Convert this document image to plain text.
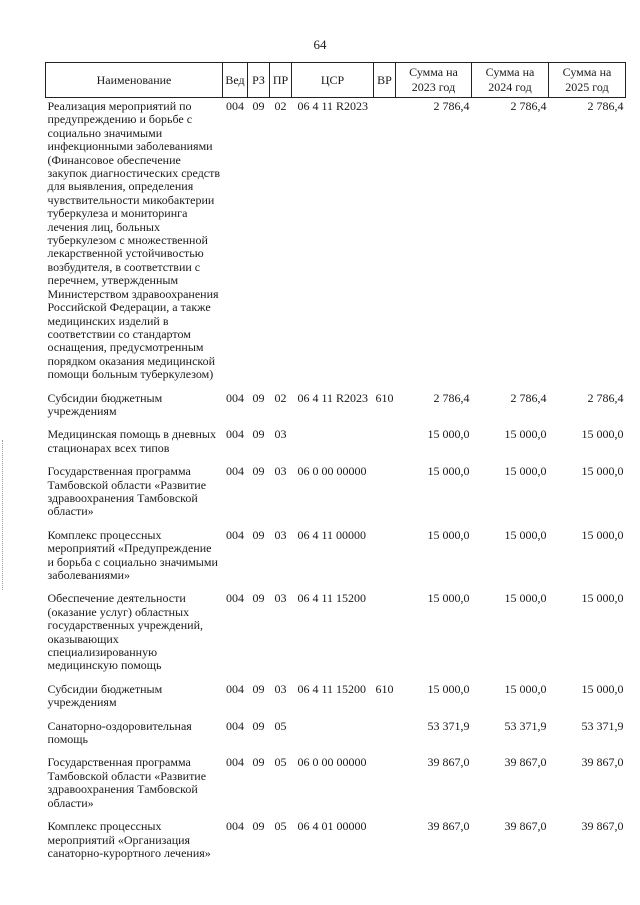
64
Наименование	Вед	РЗ	ПР	ЦСР	ВР	Сумма на 2023 год	Сумма на 2024 год	Сумма на 2025 год
Реализация мероприятий по предупреждению и борьбе с социально значимыми инфекционными заболеваниями (Финансовое обеспечение закупок диагностических средств для выявления, определения чувствительности микобактерии туберкулеза и мониторинга лечения лиц, больных туберкулезом с множественной лекарственной устойчивостью возбудителя, в соответствии с перечнем, утвержденным Министерством здравоохранения Российской Федерации, а также медицинских изделий в соответствии со стандартом оснащения, предусмотренным порядком оказания медицинской помощи больным туберкулезом)	004	09	02	06 4 11 R2023		2 786,4	2 786,4	2 786,4
Субсидии бюджетным учреждениям	004	09	02	06 4 11 R2023	610	2 786,4	2 786,4	2 786,4
Медицинская помощь в дневных стационарах всех типов	004	09	03			15 000,0	15 000,0	15 000,0
Государственная программа Тамбовской области «Развитие здравоохранения Тамбовской области»	004	09	03	06 0 00 00000		15 000,0	15 000,0	15 000,0
Комплекс процессных мероприятий «Предупреждение и борьба с социально значимыми заболеваниями»	004	09	03	06 4 11 00000		15 000,0	15 000,0	15 000,0
Обеспечение деятельности (оказание услуг) областных государственных учреждений, оказывающих специализированную медицинскую помощь	004	09	03	06 4 11 15200		15 000,0	15 000,0	15 000,0
Субсидии бюджетным учреждениям	004	09	03	06 4 11 15200	610	15 000,0	15 000,0	15 000,0
Санаторно-оздоровительная помощь	004	09	05			53 371,9	53 371,9	53 371,9
Государственная программа Тамбовской области «Развитие здравоохранения Тамбовской области»	004	09	05	06 0 00 00000		39 867,0	39 867,0	39 867,0
Комплекс процессных мероприятий «Организация санаторно-курортного лечения»	004	09	05	06 4 01 00000		39 867,0	39 867,0	39 867,0
